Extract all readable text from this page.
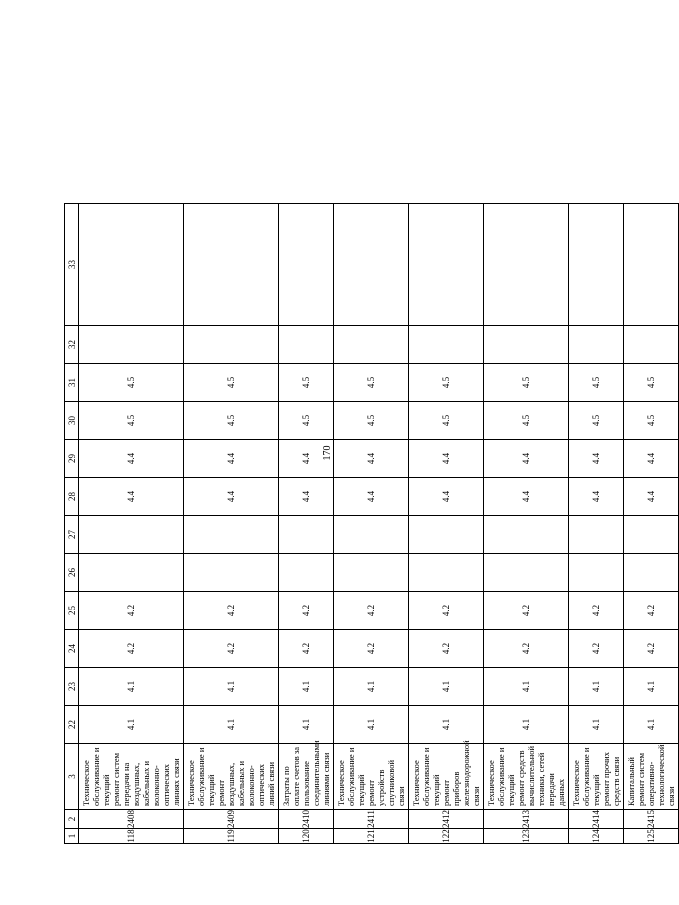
170
1	2	3	22	23	24	25	26	27	28	29	30	31	32	33
118	2408	Техническое обслуживание и текущий ремонт систем передачи на воздушных, кабельных и волоконно-оптических линиях связи	4.1	4.1	4.2	4.2			4.4	4.4	4.5	4.5		
119	2409	Техническое обслуживание и текущий ремонт воздушных, кабельных и волоконно-оптических линий связи	4.1	4.1	4.2	4.2			4.4	4.4	4.5	4.5		
120	2410	Затраты по оплате счетов за пользование соединительными линиями связи	4.1	4.1	4.2	4.2			4.4	4.4	4.5	4.5		
121	2411	Техническое обслуживание и текущий ремонт устройств спутниковой связи	4.1	4.1	4.2	4.2			4.4	4.4	4.5	4.5		
122	2412	Техническое обслуживание и текущий ремонт приборов железнодорожной связи	4.1	4.1	4.2	4.2			4.4	4.4	4.5	4.5		
123	2413	Техническое обслуживание и текущий ремонт средств вычислительной техники, сетей передачи данных	4.1	4.1	4.2	4.2			4.4	4.4	4.5	4.5		
124	2414	Техническое обслуживание и текущий ремонт прочих средств связи	4.1	4.1	4.2	4.2			4.4	4.4	4.5	4.5		
125	2415	Капитальный ремонт систем оперативно-технологической связи	4.1	4.1	4.2	4.2			4.4	4.4	4.5	4.5		
